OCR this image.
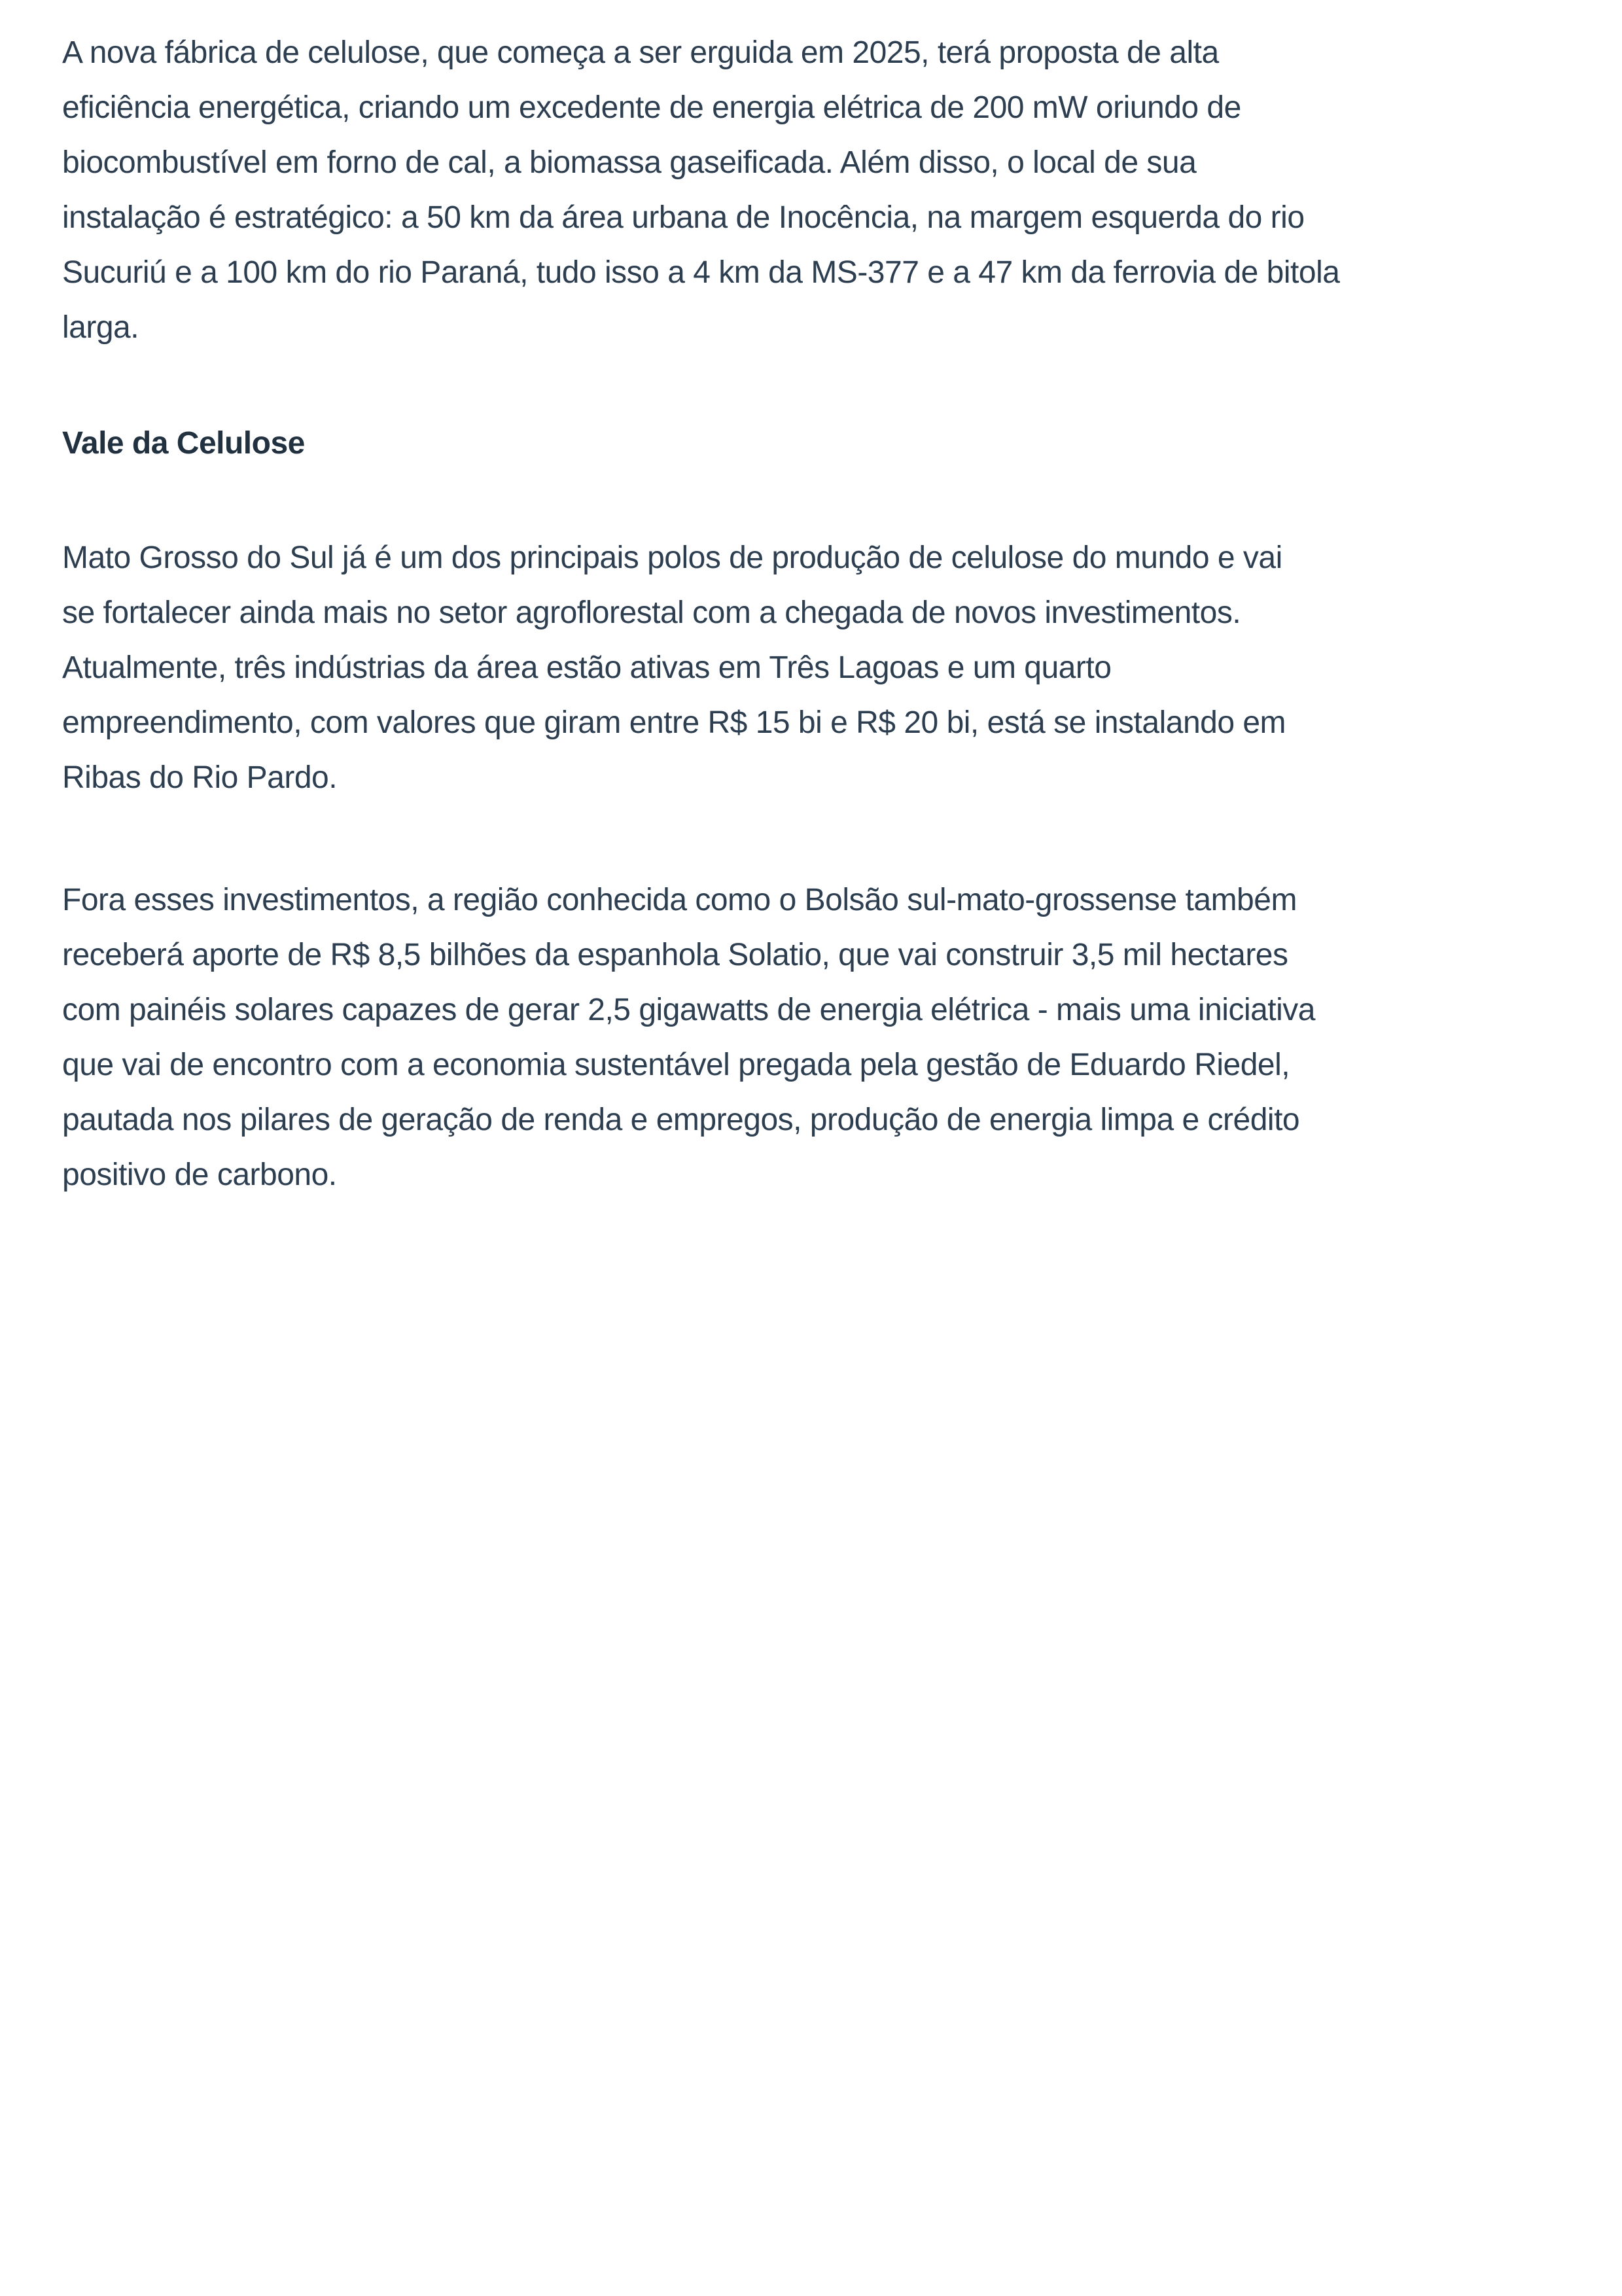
A nova fábrica de celulose, que começa a ser erguida em 2025, terá proposta de alta
eficiência energética, criando um excedente de energia elétrica de 200 mW oriundo de
biocombustível em forno de cal, a biomassa gaseificada. Além disso, o local de sua
instalação é estratégico: a 50 km da área urbana de Inocência, na margem esquerda do rio
Sucuriú e a 100 km do rio Paraná, tudo isso a 4 km da MS-377 e a 47 km da ferrovia de bitola
larga.
Vale da Celulose
Mato Grosso do Sul já é um dos principais polos de produção de celulose do mundo e vai
se fortalecer ainda mais no setor agroflorestal com a chegada de novos investimentos.
Atualmente, três indústrias da área estão ativas em Três Lagoas e um quarto
empreendimento, com valores que giram entre R$ 15 bi e R$ 20 bi, está se instalando em
Ribas do Rio Pardo.
Fora esses investimentos, a região conhecida como o Bolsão sul-mato-grossense também
receberá aporte de R$ 8,5 bilhões da espanhola Solatio, que vai construir 3,5 mil hectares
com painéis solares capazes de gerar 2,5 gigawatts de energia elétrica - mais uma iniciativa
que vai de encontro com a economia sustentável pregada pela gestão de Eduardo Riedel,
pautada nos pilares de geração de renda e empregos, produção de energia limpa e crédito
positivo de carbono.
